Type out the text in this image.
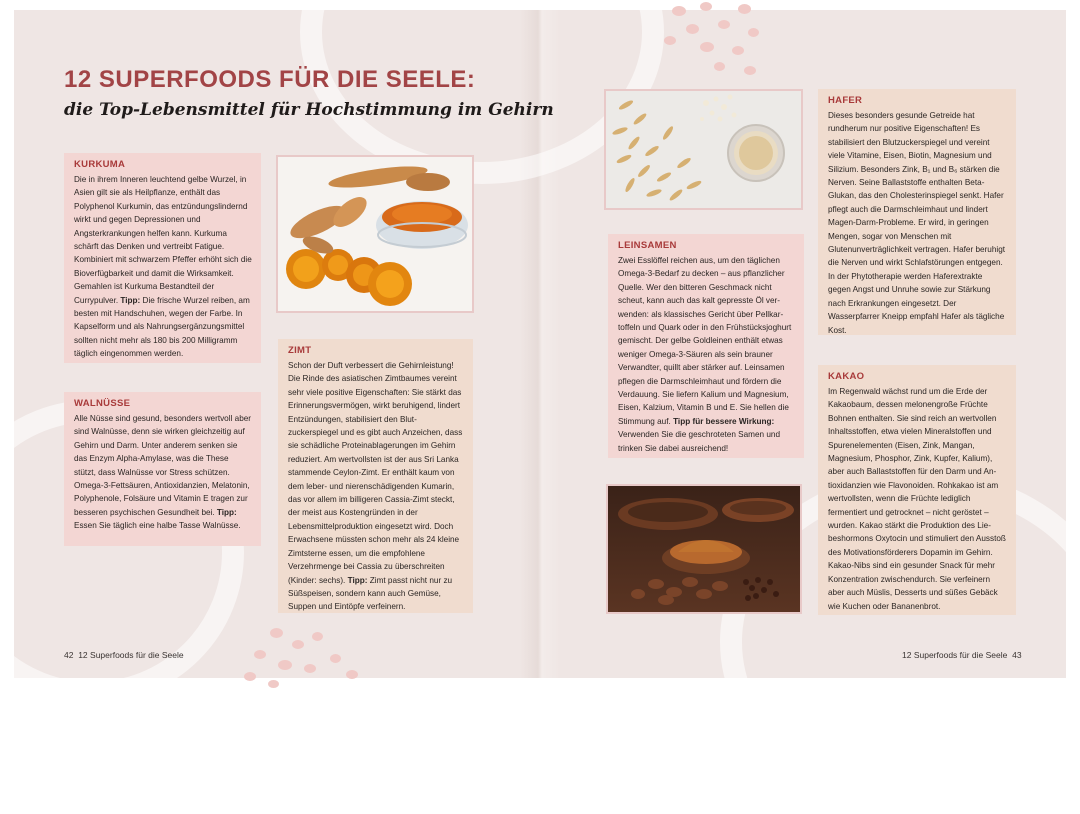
12 SUPERFOODS FÜR DIE SEELE:
die Top-Lebensmittel für Hochstimmung im Gehirn
KURKUMA

Die in ihrem Inneren leuchtend gelbe Wurzel, in Asien gilt sie als Heilpflanze, enthält das Polyphenol Kurkumin, das entzündungslindernd wirkt und gegen Depressionen und Angsterkrankungen helfen kann. Kurkuma schärft das Denken und vertreibt Fatigue. Kombiniert mit schwarzem Pfeffer erhöht sich die Bioverfügbarkeit und damit die Wirksamkeit. Gemahlen ist Kurkuma Bestandteil der Currypulver. Tipp: Die frische Wurzel reiben, am besten mit Handschuhen, wegen der Farbe. In Kapselform und als Nahrungsergänzungsmittel sollten nicht mehr als 180 bis 200 Milligramm täglich eingenommen werden.

WALNÜSSE

Alle Nüsse sind gesund, besonders wertvoll aber sind Walnüsse, denn sie wirken gleichzeitig auf Gehirn und Darm. Unter anderem senken sie das Enzym Alpha-Amylase, was die These stützt, dass Walnüsse vor Stress schützen. Omega-3-Fettsäuren, Antioxidanzien, Melatonin, Polyphenole, Folsäure und Vitamin E tragen zur besseren psychischen Gesundheit bei. Tipp: Essen Sie täglich eine halbe Tasse Walnüsse.

ZIMT

Schon der Duft verbessert die Gehirnleistung! Die Rinde des asiatischen Zimtbaumes vereint sehr viele positive Eigenschaften: Sie stärkt das Erinnerungsvermögen, wirkt beruhigend, lindert Entzündungen, stabilisiert den Blutzuckerspiegel und es gibt auch Anzeichen, dass sie schädliche Proteinablagerungen im Gehirn reduziert. Am wertvollsten ist der aus Sri Lanka stammende Ceylon-Zimt. Er enthält kaum von dem leber- und nierenschädigenden Kumarin, das vor allem im billigeren Cassia-Zimt steckt, der meist aus Kostengründen in der Lebensmittelproduktion eingesetzt wird. Doch Erwachsene müssten schon mehr als 24 kleine Zimtsterne essen, um die empfohlene Verzehrmenge bei Cassia zu überschreiten (Kinder: sechs). Tipp: Zimt passt nicht nur zu Süßspeisen, sondern kann auch Gemüse, Suppen und Eintöpfe verfeinern.

HAFER

Dieses besonders gesunde Getreide hat rundherum nur positive Eigenschaften! Es stabilisiert den Blutzuckerspiegel und vereint viele Vitamine, Eisen, Biotin, Magnesium und Silizium. Besonders Zink, B₁ und B₆ stärken die Nerven. Seine Ballaststoffe enthalten Beta-Glukan, das den Cholesterinspiegel senkt. Hafer pflegt auch die Darmschleimhaut und lindert Magen-Darm-Probleme. Er wird, in geringen Mengen, sogar von Menschen mit Glutenunverträglichkeit vertragen. Hafer beruhigt die Nerven und wirkt Schlafstörungen entgegen. In der Phytotherapie werden Haferextrakte gegen Angst und Unruhe sowie zur Stärkung nach Erkrankungen eingesetzt. Der Wasserpfarrer Kneipp empfahl Hafer als tägliche Kost.

LEINSAMEN

Zwei Esslöffel reichen aus, um den täglichen Omega-3-Bedarf zu decken – aus pflanzlicher Quelle. Wer den bitteren Geschmack nicht scheut, kann auch das kalt gepresste Öl verwenden: als klassisches Gericht über Pellkartoffeln und Quark oder in den Frühstücksjoghurt gemischt. Der gelbe Goldleinen enthält etwas weniger Omega-3-Säuren als sein brauner Verwandter, quillt aber stärker auf. Leinsamen pflegen die Darmschleimhaut und fördern die Verdauung. Sie liefern Kalium und Magnesium, Eisen, Kalzium, Vitamin B und E. Sie hellen die Stimmung auf. Tipp für bessere Wirkung: Verwenden Sie die geschroteten Samen und trinken Sie dabei ausreichend!

KAKAO

Im Regenwald wächst rund um die Erde der Kakaobaum, dessen melonengroße Früchte Bohnen enthalten. Sie sind reich an wertvollen Inhaltsstoffen, etwa vielen Mineralstoffen und Spurenelementen (Eisen, Zink, Mangan, Magnesium, Phosphor, Zink, Kupfer, Kalium), aber auch Ballaststoffen für den Darm und Antioxidanzien wie Flavonoiden. Rohkakao ist am wertvollsten, wenn die Früchte lediglich fermentiert und getrocknet – nicht geröstet – wurden. Kakao stärkt die Produktion des Liebeshormons Oxytocin und stimuliert den Ausstoß des Motivationsförderers Dopamin im Gehirn. Kakao-Nibs sind ein gesunder Snack für mehr Konzentration zwischendurch. Sie verfeinern aber auch Müslis, Desserts und süßes Gebäck wie Kuchen oder Bananenbrot.

42 12 Superfoods für die Seele	12 Superfoods für die Seele 43
